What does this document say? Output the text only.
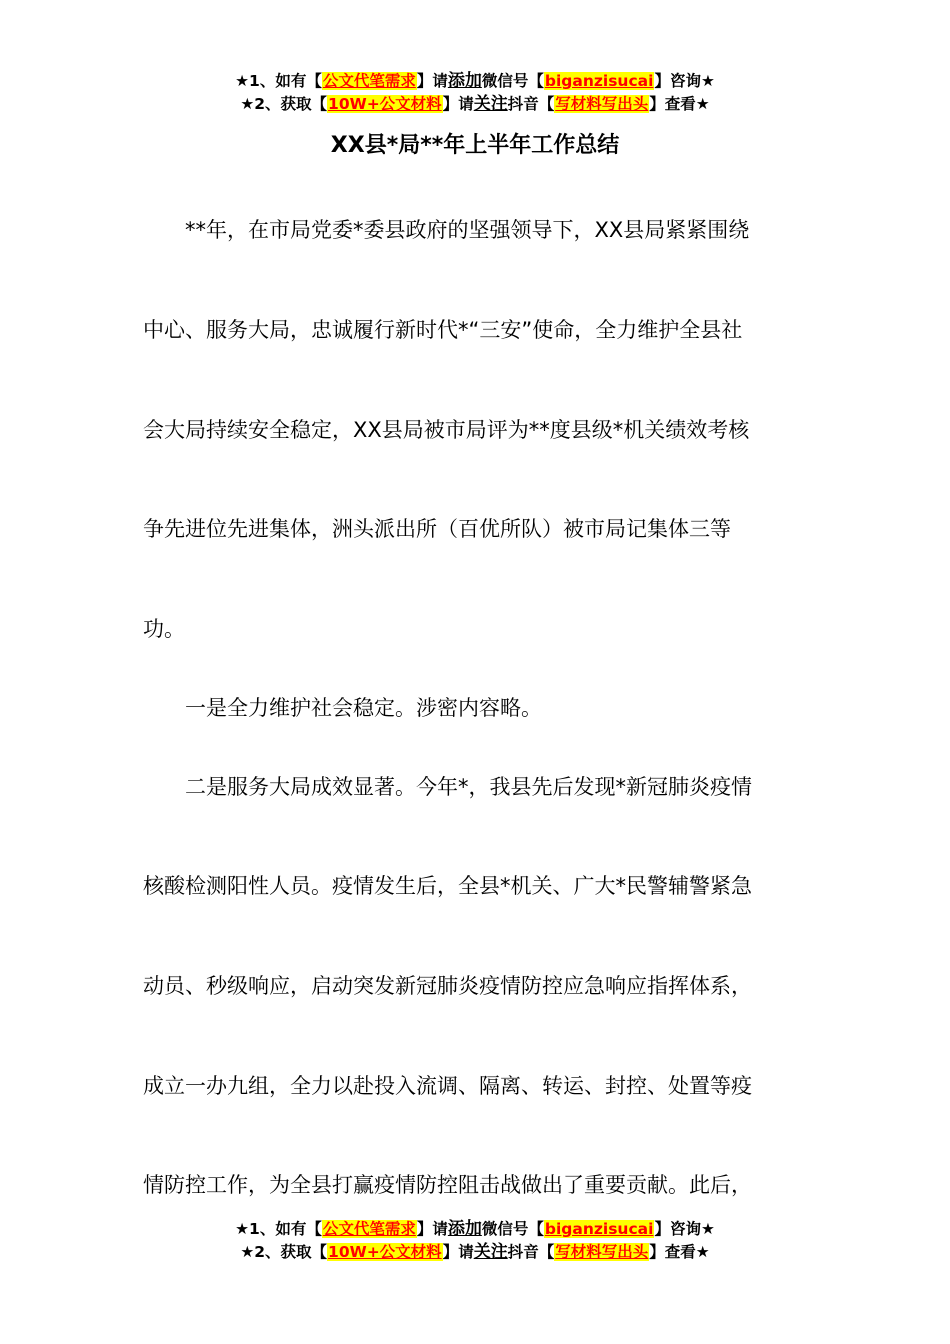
★1、如有【公文代笔需求】请添加微信号【biganzisucai】咨询★
★2、获取【10W+公文材料】请关注抖音【写材料写出头】查看★
XX县*局**年上半年工作总结
　　**年，在市局党委*委县政府的坚强领导下，XX县局紧紧围绕
中心、服务大局，忠诚履行新时代*“三安”使命，全力维护全县社
会大局持续安全稳定，XX县局被市局评为**度县级*机关绩效考核
争先进位先进集体，洲头派出所（百优所队）被市局记集体三等
功。
　　一是全力维护社会稳定。涉密内容略。
　　二是服务大局成效显著。今年*，我县先后发现*新冠肺炎疫情
核酸检测阳性人员。疫情发生后，全县*机关、广大*民警辅警紧急
动员、秒级响应，启动突发新冠肺炎疫情防控应急响应指挥体系，
成立一办九组，全力以赴投入流调、隔离、转运、封控、处置等疫
情防控工作，为全县打赢疫情防控阻击战做出了重要贡献。此后，
★1、如有【公文代笔需求】请添加微信号【biganzisucai】咨询★
★2、获取【10W+公文材料】请关注抖音【写材料写出头】查看★
